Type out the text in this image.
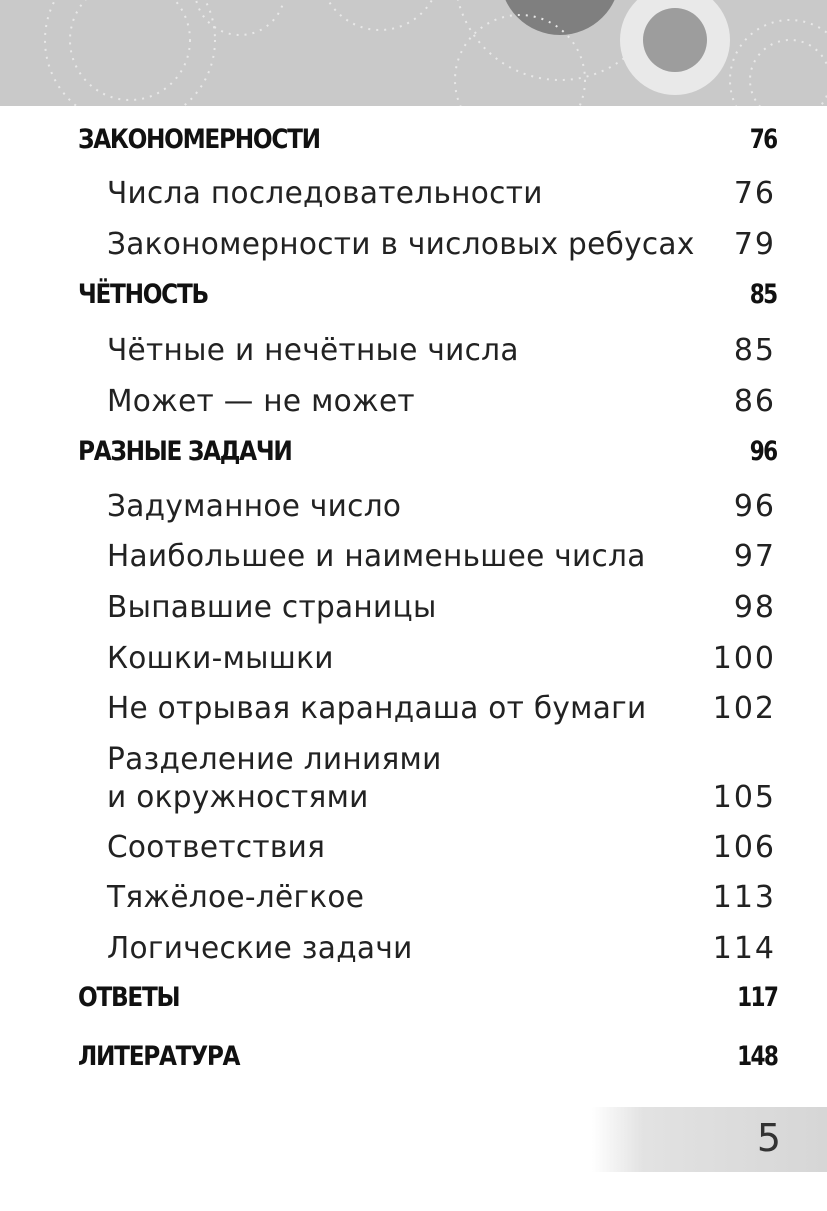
ЗАКОНОМЕРНОСТИ	76
Числа последовательности	76
Закономерности в числовых ребусах 79
ЧЁТНОСТЬ	85
Чётные и нечётные числа	85
Может — не может	86
РАЗНЫЕ ЗАДАЧИ	96
Задуманное число	96
Наибольшее и наименьшее числа	97
Выпавшие страницы	98
Кошки-мышки	100
Не отрывая карандаша от бумаги 102
Разделение линиями
и окружностями	105
Соответствия	106
Тяжёлое-лёгкое	113
Логические задачи	114
ОТВЕТЫ	117
ЛИТЕРАТУРА	148
5
